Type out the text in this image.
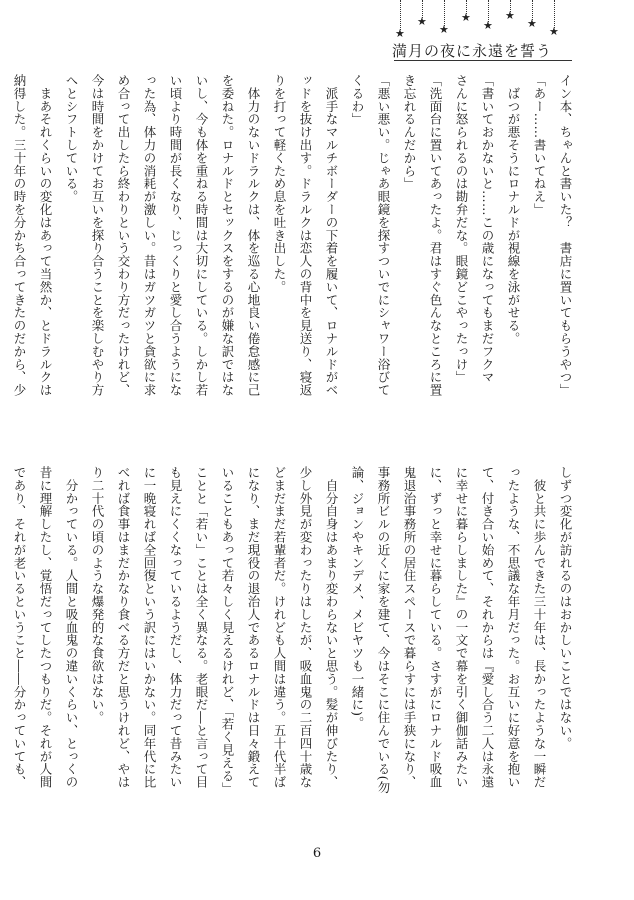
★
★
★
★
★
★
★
★
満月の夜に永遠を誓う

イン本、ちゃんと書いた？　書店に置いてもらうやつ」

「あー……書いてねえ」

　ばつが悪そうにロナルドが視線を泳がせる。

「書いておかないと……この歳になってもまだフクマ

さんに怒られるのは勘弁だな。眼鏡どこやったっけ」

「洗面台に置いてあったよ。君はすぐ色んなところに置

き忘れるんだから」

「悪い悪い。じゃあ眼鏡を探すついでにシャワー浴びて

くるわ」

　派手なマルチボーダーの下着を履いて、ロナルドがベ

ッドを抜け出す。ドラルクは恋人の背中を見送り、寝返

りを打って軽くため息を吐き出した。

　体力のないドラルクは、体を巡る心地良い倦怠感に己

を委ねた。ロナルドとセックスをするのが嫌な訳ではな

いし、今も体を重ねる時間は大切にしている。しかし若

い頃より時間が長くなり、じっくりと愛し合うようにな

った為、体力の消耗が激しい。昔はガツガツと貪欲に求

め合って出したら終わりという交わり方だったけれど、

今は時間をかけてお互いを探り合うことを楽しむやり方

へとシフトしている。

　まあそれくらいの変化はあって当然か、とドラルクは

納得した。三十年の時を分かち合ってきたのだから、少

しずつ変化が訪れるのはおかしいことではない。

　彼と共に歩んできた三十年は、長かったような一瞬だ

ったような、不思議な年月だった。お互いに好意を抱い

て、付き合い始めて、それからは『愛し合う二人は永遠

に幸せに暮らしました』の一文で幕を引く御伽話みたい

に、ずっと幸せに暮らしている。さすがにロナルド吸血

鬼退治事務所の居住スペースで暮らすには手狭になり、

事務所ビルの近くに家を建て、今はそこに住んでいる(勿

論、ジョンやキンデメ、メビヤツも一緒に)。

　自分自身はあまり変わらないと思う。髪が伸びたり、

少し外見が変わったりはしたが、吸血鬼の二百四十歳な

どまだまだ若輩者だ。けれども人間は違う。五十代半ば

になり、まだ現役の退治人であるロナルドは日々鍛えて

いることもあって若々しく見えるけれど、「若く見える」

ことと「若い」ことは全く異なる。老眼だ―と言って目

も見えにくくなっているようだし、体力だって昔みたい

に一晩寝れば全回復という訳にはいかない。同年代に比

べれば食事はまだかなり食べる方だと思うけれど、やは

り二十代の頃のような爆発的な食欲はない。

　分かっている。人間と吸血鬼の違いくらい、とっくの

昔に理解したし、覚悟だってしたつもりだ。それが人間

であり、それが老いるということ――分かっていても、

6
